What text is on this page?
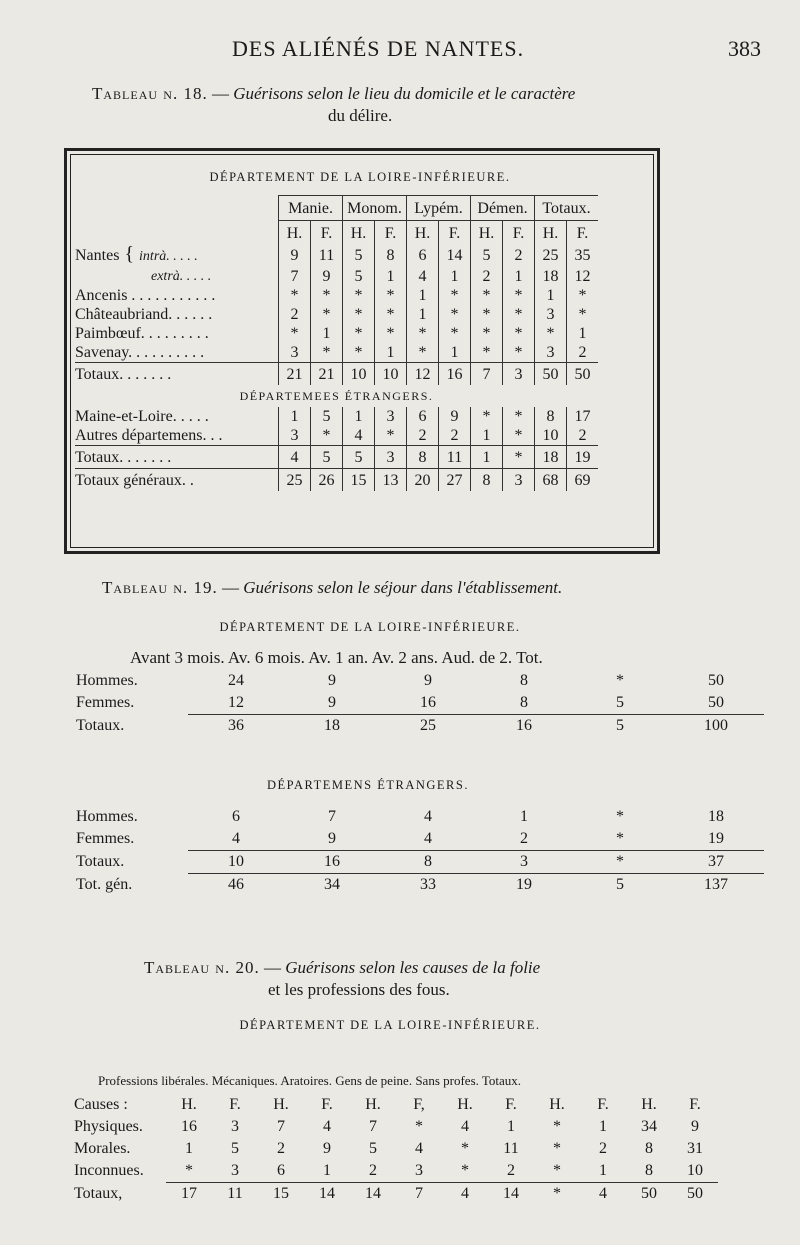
DES ALIÉNÉS DE NANTES.	383
Tableau n. 18. — Guérisons selon le lieu du domicile et le caractère
du délire.
DÉPARTEMENT DE LA LOIRE-INFÉRIEURE.
	Manie.		Monom.		Lypém.		Démen.		Totaux.	
	H.	F.	H.	F.	H.	F.	H.	F.	H.	F.
Nantes { intrà. . . . .	9	11	5	8	6	14	5	2	25	35
extrà. . . . .	7	9	5	1	4	1	2	1	18	12
Ancenis . . . . . . . . . . .	*	*	*	*	1	*	*	*	1	*
Châteaubriand. . . . . .	2	*	*	*	1	*	*	*	3	*
Paimbœuf. . . . . . . . .	*	1	*	*	*	*	*	*	*	1
Savenay. . . . . . . . . .	3	*	*	1	*	1	*	*	3	2
Totaux. . . . . . .	21	21	10	10	12	16	7	3	50	50
DÉPARTEMEES ÉTRANGERS.										
Maine-et-Loire. . . . .	1	5	1	3	6	9	*	*	8	17
Autres départemens. . .	3	*	4	*	2	2	1	*	10	2
Totaux. . . . . . .	4	5	5	3	8	11	1	*	18	19
Totaux généraux. .	25	26	15	13	20	27	8	3	68	69
Tableau n. 19. — Guérisons selon le séjour dans l'établissement.
DÉPARTEMENT DE LA LOIRE-INFÉRIEURE.
Avant 3 mois. Av. 6 mois. Av. 1 an. Av. 2 ans. Aud. de 2. Tot.
Hommes.	24	9	9	8	*	50
Femmes.	12	9	16	8	5	50
Totaux.	36	18	25	16	5	100
DÉPARTEMENS ÉTRANGERS.
Hommes.	6	7	4	1	*	18
Femmes.	4	9	4	2	*	19
Totaux.	10	16	8	3	*	37
Tot. gén.	46	34	33	19	5	137
Tableau n. 20. — Guérisons selon les causes de la folie
et les professions des fous.
DÉPARTEMENT DE LA LOIRE-INFÉRIEURE.
Professions libérales. Mécaniques. Aratoires. Gens de peine. Sans profes. Totaux.
Causes :	H.	F.	H.	F.	H.	F,	H.	F.	H.	F.	H.	F.
Physiques.	16	3	7	4	7	*	4	1	*	1	34	9
Morales.	1	5	2	9	5	4	*	11	*	2	8	31
Inconnues.	*	3	6	1	2	3	*	2	*	1	8	10
Totaux,	17	11	15	14	14	7	4	14	*	4	50	50
